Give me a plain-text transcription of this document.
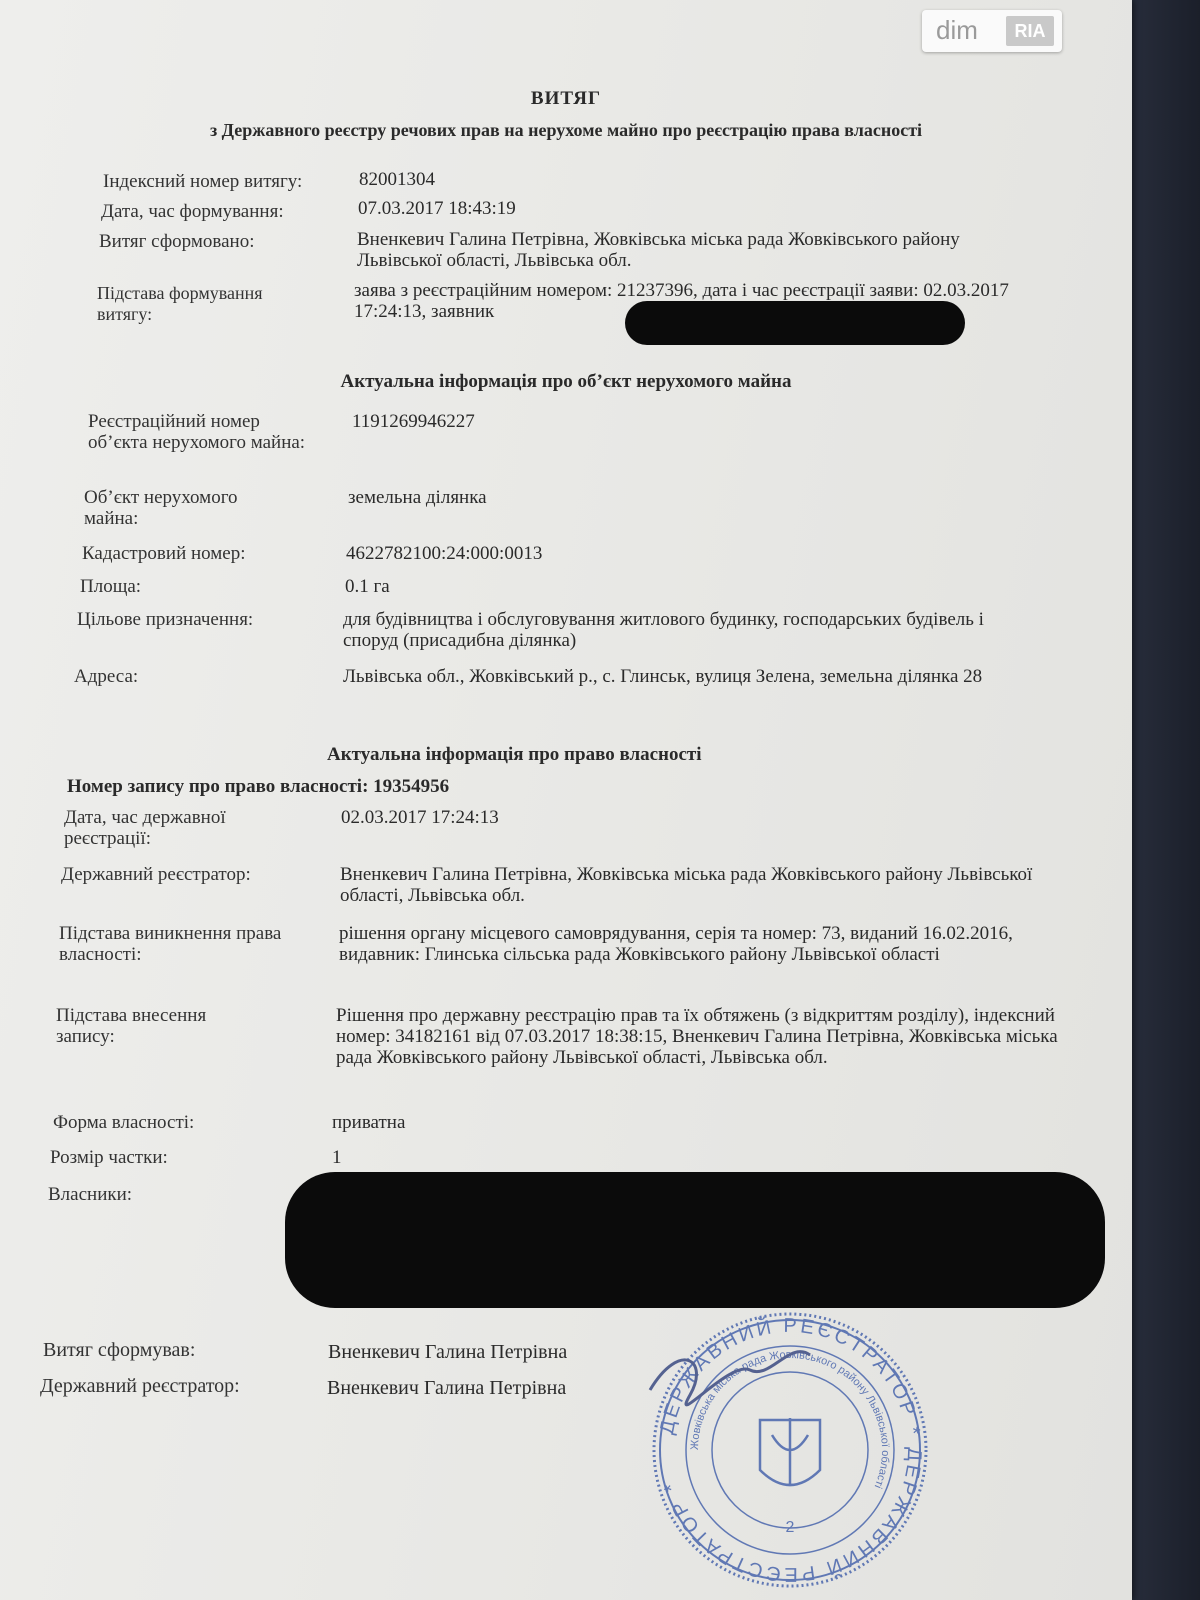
ВИТЯГ
з Державного реєстру речових прав на нерухоме майно про реєстрацію права власності
Індексний номер витягу:	82001304
Дата, час формування:	07.03.2017 18:43:19
Витяг сформовано:	Вненкевич Галина Петрівна, Жовківська міська рада Жовківського району Львівської області, Львівська обл.
Підстава формування витягу:
заява з реєстраційним номером: 21237396, дата і час реєстрації заяви: 02.03.2017 17:24:13, заявник
Актуальна інформація про об’єкт нерухомого майна
Реєстраційний номер об’єкта нерухомого майна:
1191269946227
Об’єкт нерухомого майна:
земельна ділянка
Кадастровий номер:	4622782100:24:000:0013
Площа:	0.1 га
Цільове призначення:	для будівництва і обслуговування житлового будинку, господарських будівель і споруд (присадибна ділянка)
Адреса:	Львівська обл., Жовківський р., с. Глинськ, вулиця Зелена, земельна ділянка 28
Актуальна інформація про право власності
Номер запису про право власності: 19354956
Дата, час державної реєстрації:
02.03.2017 17:24:13
Державний реєстратор:	Вненкевич Галина Петрівна, Жовківська міська рада Жовківського району Львівської області, Львівська обл.
Підстава виникнення права власності:
рішення органу місцевого самоврядування, серія та номер: 73, виданий 16.02.2016, видавник: Глинська сільська рада Жовківського району Львівської області
Підстава внесення запису:
Рішення про державну реєстрацію прав та їх обтяжень (з відкриттям розділу), індексний номер: 34182161 від 07.03.2017 18:38:15, Вненкевич Галина Петрівна, Жовківська міська рада Жовківського району Львівської області, Львівська обл.
Форма власності:	приватна
Розмір частки:	1
Власники:
Витяг сформував:	Вненкевич Галина Петрівна
Державний реєстратор:	Вненкевич Галина Петрівна
ДЕРЖАВНИЙ РЕЄСТРАТОР * ДЕРЖАВНИЙ РЕЄСТРАТОР *
Жовківська міська рада Жовківського району Львівської області
2
dim	RIA
